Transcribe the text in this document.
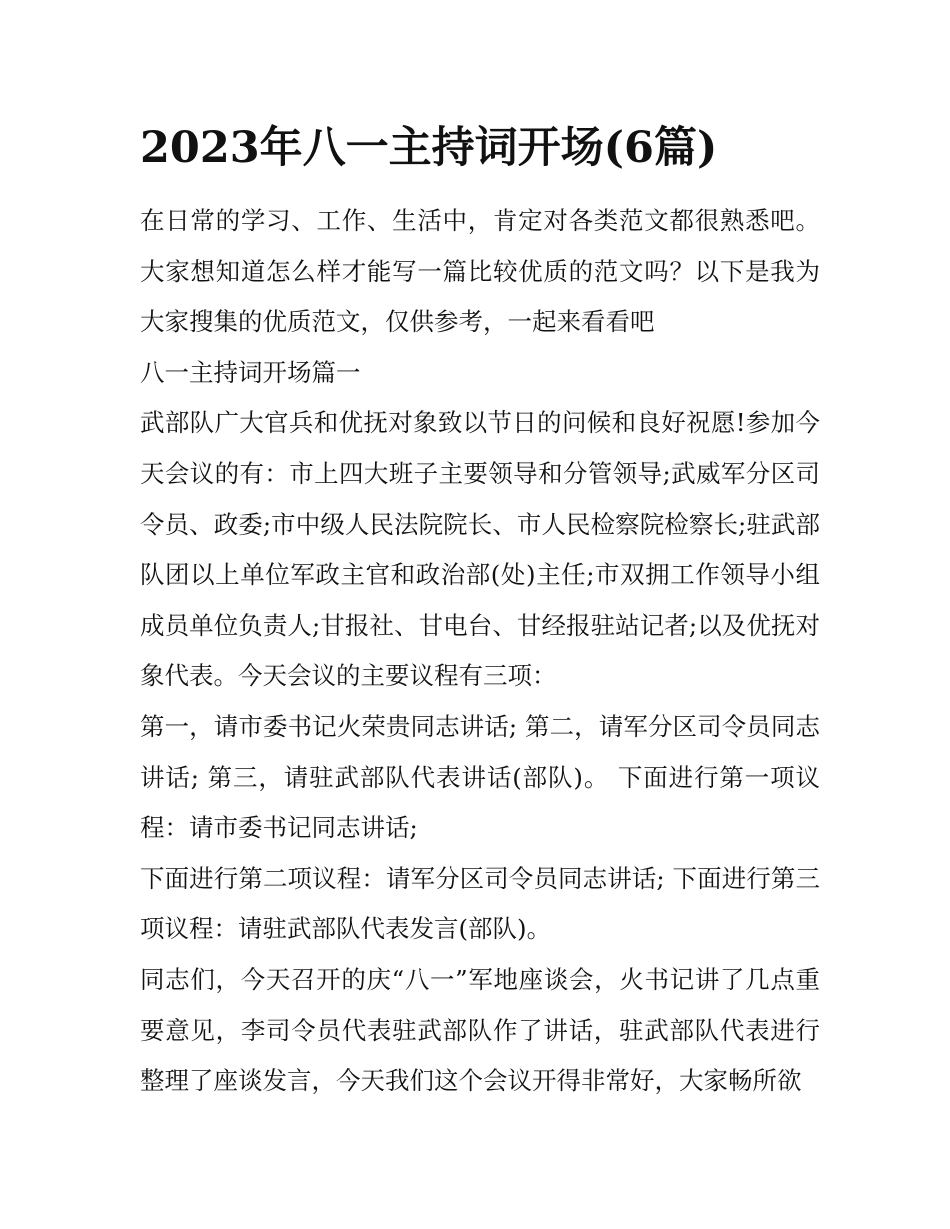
2023年八一主持词开场(6篇)

在日常的学习、工作、生活中，肯定对各类范文都很熟悉吧。大家想知道怎么样才能写一篇比较优质的范文吗？以下是我为大家搜集的优质范文，仅供参考，一起来看看吧

八一主持词开场篇一

武部队广大官兵和优抚对象致以节日的问候和良好祝愿!参加今天会议的有：市上四大班子主要领导和分管领导;武威军分区司令员、政委;市中级人民法院院长、市人民检察院检察长;驻武部队团以上单位军政主官和政治部(处)主任;市双拥工作领导小组成员单位负责人;甘报社、甘电台、甘经报驻站记者;以及优抚对象代表。今天会议的主要议程有三项：

第一，请市委书记火荣贵同志讲话; 第二，请军分区司令员同志讲话; 第三，请驻武部队代表讲话(部队)。 下面进行第一项议程：请市委书记同志讲话;

下面进行第二项议程：请军分区司令员同志讲话; 下面进行第三项议程：请驻武部队代表发言(部队)。

同志们，今天召开的庆“八一”军地座谈会，火书记讲了几点重要意见，李司令员代表驻武部队作了讲话，驻武部队代表进行整理了座谈发言，今天我们这个会议开得非常好，大家畅所欲
